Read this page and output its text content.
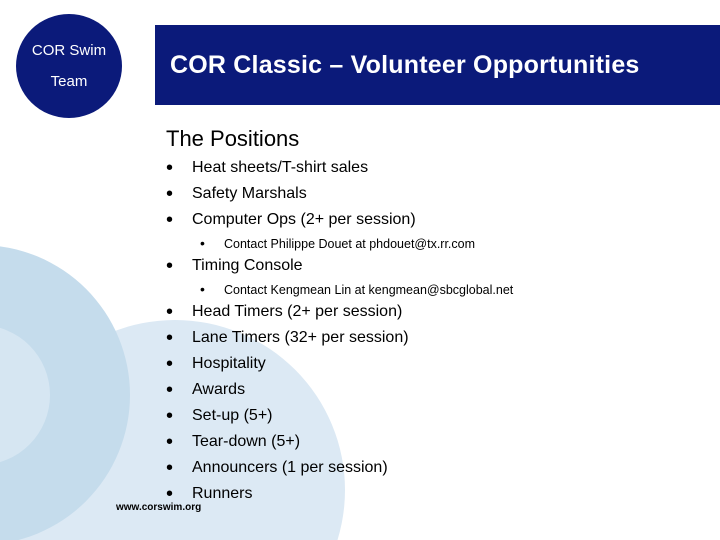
COR Swim
Team
COR Classic – Volunteer Opportunities
The Positions
• Heat sheets/T-shirt sales
• Safety Marshals
• Computer Ops (2+ per session)
• Contact Philippe Douet at phdouet@tx.rr.com
• Timing Console
• Contact Kengmean Lin at kengmean@sbcglobal.net
• Head Timers (2+ per session)
• Lane Timers (32+ per session)
• Hospitality
• Awards
• Set-up (5+)
• Tear-down (5+)
• Announcers (1 per session)
• Runners
www.corswim.org
